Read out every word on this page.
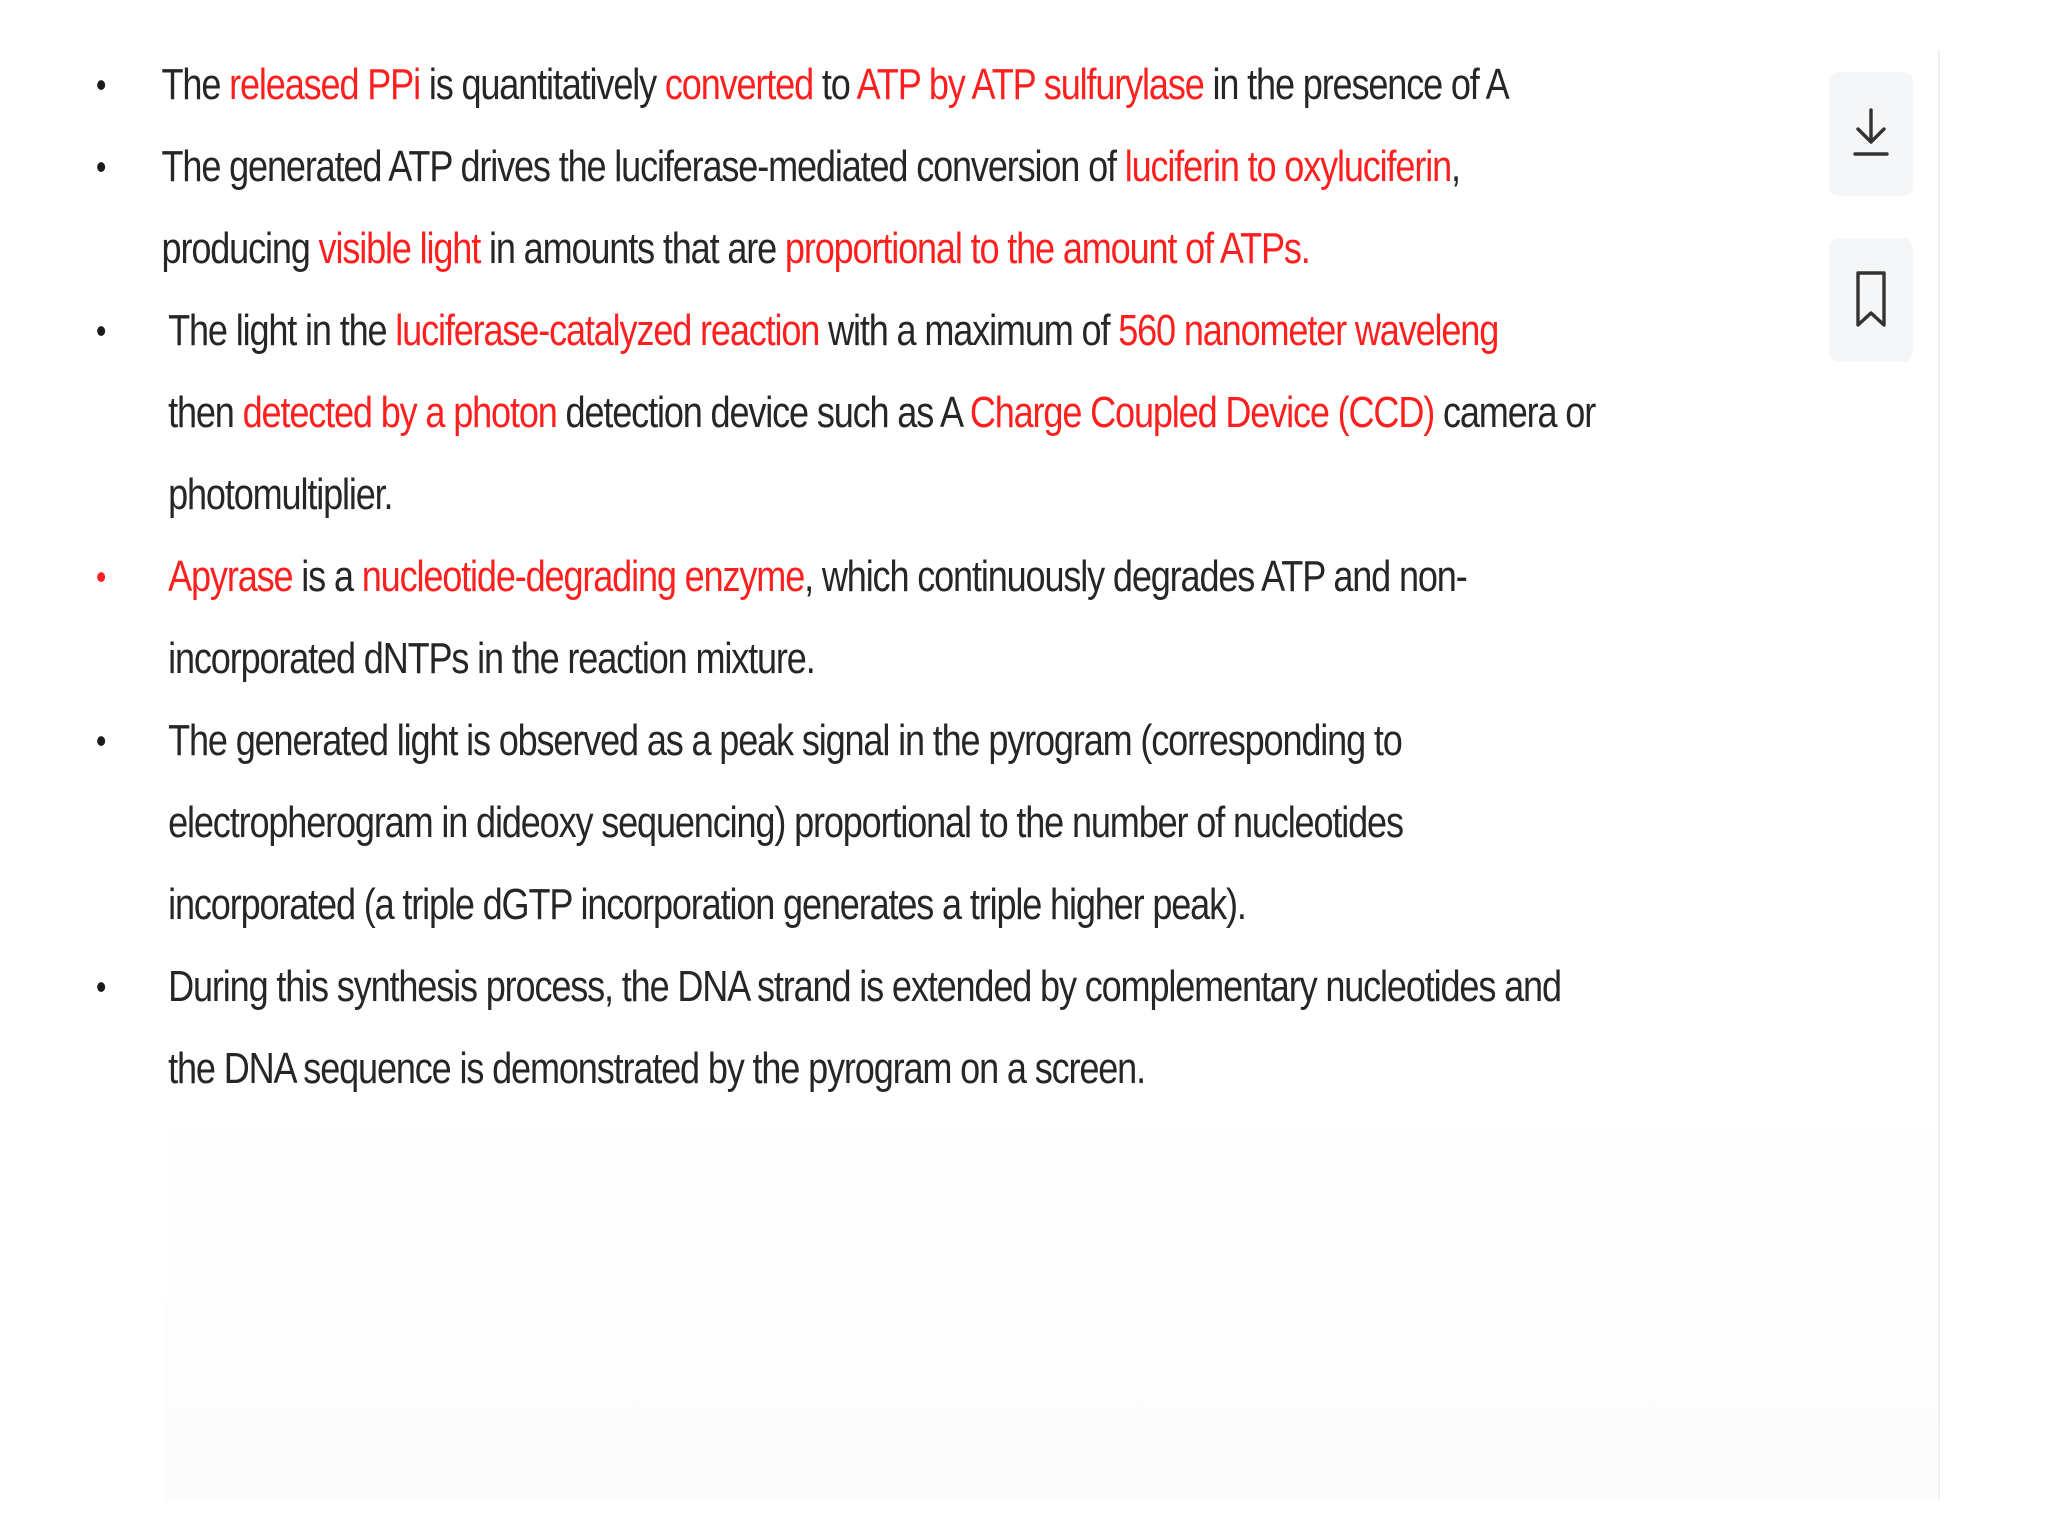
• The released PPi is quantitatively converted to ATP by ATP sulfurylase in the presence of A
• The generated ATP drives the luciferase-mediated conversion of luciferin to oxyluciferin,
producing visible light in amounts that are proportional to the amount of ATPs.
• The light in the luciferase-catalyzed reaction with a maximum of 560 nanometer waveleng
then detected by a photon detection device such as A Charge Coupled Device (CCD) camera or
photomultiplier.
• Apyrase is a nucleotide-degrading enzyme, which continuously degrades ATP and non-
incorporated dNTPs in the reaction mixture.
• The generated light is observed as a peak signal in the pyrogram (corresponding to
electropherogram in dideoxy sequencing) proportional to the number of nucleotides
incorporated (a triple dGTP incorporation generates a triple higher peak).
• During this synthesis process, the DNA strand is extended by complementary nucleotides and
the DNA sequence is demonstrated by the pyrogram on a screen.
